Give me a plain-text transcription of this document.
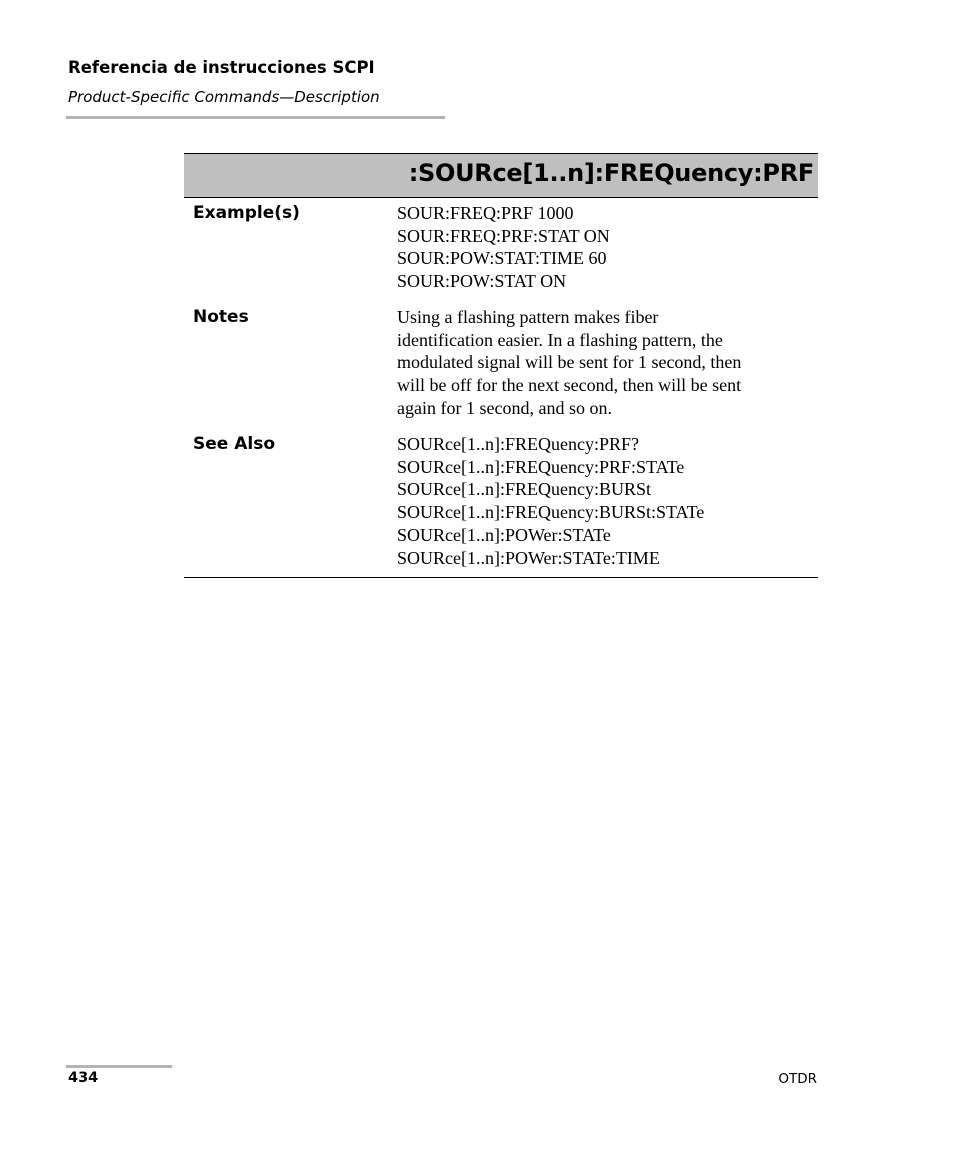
Referencia de instrucciones SCPI
Product-Specific Commands—Description
:SOURce[1..n]:FREQuency:PRF
Example(s)	SOUR:FREQ:PRF 1000
SOUR:FREQ:PRF:STAT ON
SOUR:POW:STAT:TIME 60
SOUR:POW:STAT ON
Notes	Using a flashing pattern makes fiber
identification easier. In a flashing pattern, the
modulated signal will be sent for 1 second, then
will be off for the next second, then will be sent
again for 1 second, and so on.
See Also	SOURce[1..n]:FREQuency:PRF?
SOURce[1..n]:FREQuency:PRF:STATe
SOURce[1..n]:FREQuency:BURSt
SOURce[1..n]:FREQuency:BURSt:STATe
SOURce[1..n]:POWer:STATe
SOURce[1..n]:POWer:STATe:TIME
434	OTDR
